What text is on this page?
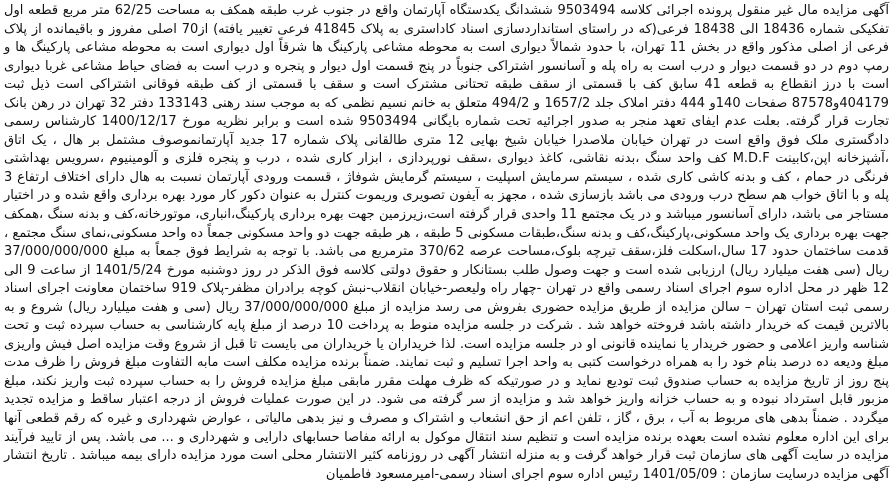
آگهی مزایده مال غیر منقول پرونده اجرائی کلاسه 9503494 ششدانگ یکدستگاه آپارتمان واقع در جنوب غرب طبقه همکف به مساحت 62/25 متر مربع قطعه اول تفکیکی شماره 18436 الی 18438 فرعی(که در راستای استانداردسازی اسناد کاداستری به پلاک 41845 فرعی تغییر یافته) از70 اصلی مفروز و باقیمانده از پلاک فرعی از اصلی مذکور واقع در بخش 11 تهران، با حدود شمالاً دیواری است به محوطه مشاعی پارکینگ ها شرقاً اول دیواری است به محوطه مشاعی پارکینگ ها و رمپ دوم در دو قسمت دیوار و درب است به راه پله و آسانسور اشتراکی جنوباً در پنج قسمت اول دیوار و پنجره و درب است به فضای حیاط مشاعی غربا دیواری است با درز انقطاع به قطعه 41 سابق کف با قسمتی از سقف طبقه تحتانی مشترک است و سقف با قسمتی از کف طبقه فوقانی اشتراکی است ذیل ثبت 404179و87578 صفحات 140و 444 دفتر املاک جلد 1657/2 و 494/2 متعلق به خانم نسیم نظمی که به موجب سند رهنی 133143 دفتر 32 تهران در رهن بانک تجارت قرار گرفته. بعلت عدم ایفای تعهد منجر به صدور اجرائیه تحت شماره بایگانی 9503494 شده است و برابر نظریه مورخ 1400/12/17 کارشناس رسمی دادگستری ملک فوق واقع است در تهران خیابان ملاصدرا خیابان شیخ بهایی 12 متری طالقانی پلاک شماره 17 جدید آپارتمانموصوف مشتمل بر هال ، یک اتاق ،آشپزخانه اپن،کابینت M.D.F کف واحد سنگ ،بدنه نقاشی، کاغذ دیواری ،سقف نورپردازی ، ابزار کاری شده ، درب و پنجره فلزی و آلومینیوم ،سرویس بهداشتی فرنگی در حمام ، کف و بدنه کاشی کاری شده ، سیستم سرمایش اسپلیت ، سیستم گرمایش شوفاژ ، قسمت ورودی آپارتمان نسبت به هال دارای اختلاف ارتفاع 3 پله و با اتاق خواب هم سطح درب ورودی می باشد بازسازی شده ، مجهز به آیفون تصویری وریموت کنترل به عنوان دکور کار مورد بهره برداری واقع شده و در اختیار مستاجر می باشد، دارای آسانسور میباشد و در یک مجتمع 11 واحدی قرار گرفته است،زیرزمین جهت بهره برداری پارکینگ،انباری، موتورخانه،کف و بدنه سنگ ،همکف جهت بهره برداری یک واحد مسکونی،پارکینگ،کف و بدنه سنگ،طبقات مسکونی 5 طبقه ، هر طبقه جهت دو واحد مسکونی جمعاً ده واحد مسکونی،نمای سنگ مجتمع ، قدمت ساختمان حدود 17 سال،اسکلت فلز،سقف تیرچه بلوک،مساحت عرصه 370/62 مترمربع می باشد. با توجه به شرایط فوق جمعاً به مبلغ 37/000/000/000 ریال (سی هفت میلیارد ریال) ارزیابی شده است و جهت وصول طلب بستانکار و حقوق دولتی کلاسه فوق الذکر در روز دوشنبه مورخ 1401/5/24 از ساعت 9 الی 12 ظهر در محل اداره سوم اجرای اسناد رسمی واقع در تهران -چهار راه ولیعصر-خیابان انقلاب-نبش کوچه برادران مظفر-پلاک 919 ساختمان معاونت اجرای اسناد رسمی ثبت استان تهران – سالن مزایده از طریق مزایده حضوری بفروش می رسد مزایده از مبلغ 37/000/000/000 ریال (سی و هفت میلیارد ریال) شروع و به بالاترین قیمت که خریدار داشته باشد فروخته خواهد شد . شرکت در جلسه مزایده منوط به پرداخت 10 درصد از مبلغ پایه کارشناسی به حساب سپرده ثبت و تحت شناسه واریز اعلامی و حضور خریدار یا نماینده قانونی او در جلسه مزایده است. لذا خریداران یا خریداران می بایست تا قبل از شروع وقت مزایده اصل فیش واریزی مبلغ ودیعه ده درصد بنام خود را به همراه درخواست کتبی به واحد اجرا تسلیم و ثبت نمایند. ضمناً برنده مزایده مکلف است مابه التفاوت مبلغ فروش را ظرف مدت پنج روز از تاریخ مزایده به حساب صندوق ثبت تودیع نماید و در صورتیکه که ظرف مهلت مقرر مابقی مبلغ مزایده فروش را به حساب سپرده ثبت واریز نکند، مبلغ مزبور قابل استرداد نبوده و به حساب خزانه واریز خواهد شد و مزایده از سر گرفته می شود. در این صورت عملیات فروش از درجه اعتبار ساقط و مزایده تجدید میگردد . ضمناً بدهی های مربوط به آب ، برق ، گاز ، تلفن اعم از حق انشعاب و اشتراک و مصرف و نیز بدهی مالیاتی ، عوارض شهرداری و غیره که رقم قطعی آنها برای این اداره معلوم نشده است بعهده برنده مزایده است و تنظیم سند انتقال موکول به ارائه مفاصا حسابهای دارایی و شهرداری و ... می باشد. پس از تایید فرآیند مزایده در سایت آگهی های سازمان ثبت قرار خواهد گرفت و به منزله انتشار آگهی در روزنامه کثیر الانتشار محلی است مورد مزایده دارای بیمه میباشد . تاریخ انتشار آگهی مزایده درسایت سازمان : 1401/05/09 رئیس اداره سوم اجرای اسناد رسمی-امیرمسعود فاطمیان
